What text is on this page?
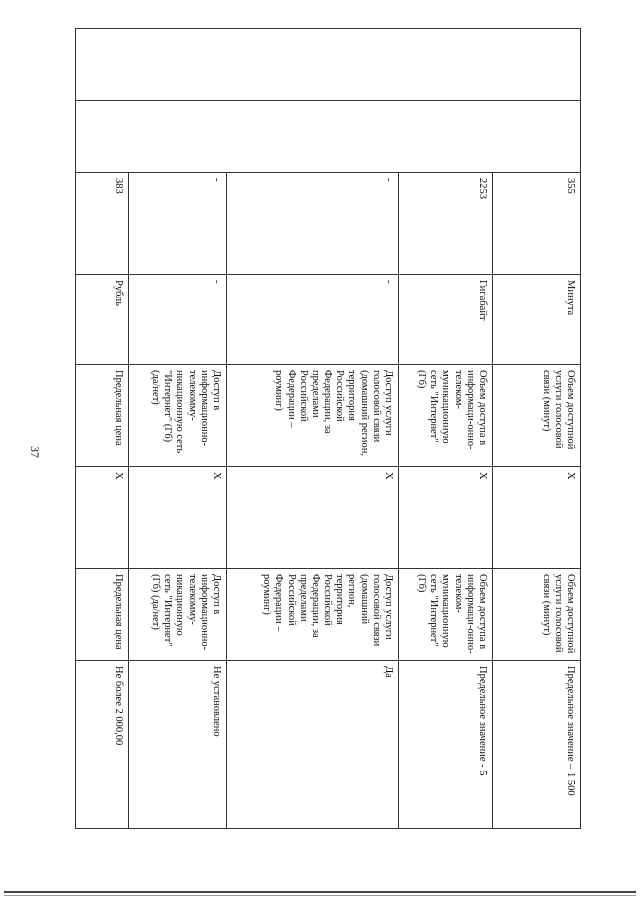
37
		355	Минута	Объем доступной услуги голосовой связи (минут)	Х	Объем доступной услуги голосовой связи (минут)	Предельное значение – 1 500
		2253	Гигабайт	Объем доступа в информаци-онно-телеком-муникационную сеть "Интернет" (Гб)	Х	Объем доступа в информаци-онно-телеком-муникационную сеть "Интернет" (Гб)	Предельное значение - 5
		-	-	Доступ услуги голосовой связи (домашний регион, территория Российской Федерации, за пределами Российской Федерации – роуминг)	Х	Доступ услуги голосовой связи (домашний регион, территория Российской Федерации, за пределами Российской Федерации – роуминг)	Да
		-	-	Доступ в информационно-телекомму-никационную сеть "Интернет" (Гб) (да/нет)	Х	Доступ в информационно-телекомму-никационную сеть "Интернет" (Гб) (да/нет)	Не установлено
		383	Рубль	Предельная цена	Х	Предельная цена	Не более 2 000,00
